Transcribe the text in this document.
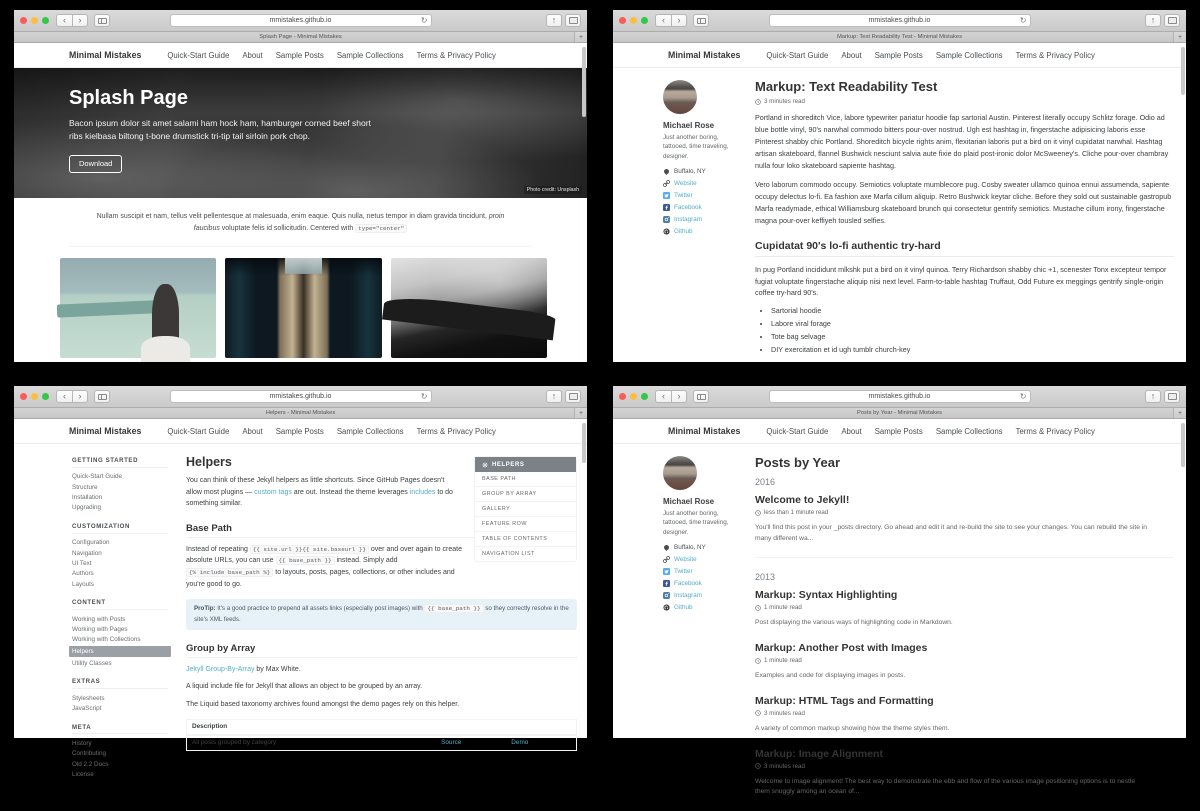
‹	›	mmistakes.github.io	↻	↑
Splash Page - Minimal Mistakes	+
Minimal Mistakes	Quick-Start Guide About Sample Posts Sample Collections Terms & Privacy Policy
Splash Page

Bacon ipsum dolor sit amet salami ham hock ham, hamburger corned beef short ribs kielbasa biltong t-bone drumstick tri-tip tail sirloin pork chop.

Download
Photo credit: Unsplash

Nullam suscipit et nam, tellus velit pellentesque at malesuada, enim eaque. Quis nulla, netus tempor in diam gravida tincidunt, proin faucibus voluptate felis id sollicitudin. Centered with type="center"

‹	›	mmistakes.github.io	↻	↑
Markup: Text Readability Test - Minimal Mistakes	+
Minimal Mistakes	Quick-Start Guide About Sample Posts Sample Collections Terms & Privacy Policy
Michael Rose
Just another boring, tattooed, time traveling, designer.
Buffalo, NY
Website
Twitter
Facebook
Instagram
Github
Markup: Text Readability Test
3 minutes read

Portland in shoreditch Vice, labore typewriter pariatur hoodie fap sartorial Austin. Pinterest literally occupy Schlitz forage. Odio ad blue bottle vinyl, 90's narwhal commodo bitters pour-over nostrud. Ugh est hashtag in, fingerstache adipisicing laboris esse Pinterest shabby chic Portland. Shoreditch bicycle rights anim, flexitarian laboris put a bird on it vinyl cupidatat narwhal. Hashtag artisan skateboard, flannel Bushwick nesciunt salvia aute fixie do plaid post-ironic dolor McSweeney's. Cliche pour-over chambray nulla four loko skateboard sapiente hashtag.

Vero laborum commodo occupy. Semiotics voluptate mumblecore pug. Cosby sweater ullamco quinoa ennui assumenda, sapiente occupy delectus lo-fi. Ea fashion axe Marfa cillum aliquip. Retro Bushwick keytar cliche. Before they sold out sustainable gastropub Marfa readymade, ethical Williamsburg skateboard brunch qui consectetur gentrify semiotics. Mustache cillum irony, fingerstache magna pour-over keffiyeh tousled selfies.

Cupidatat 90's lo-fi authentic try-hard

In pug Portland incididunt mlkshk put a bird on it vinyl quinoa. Terry Richardson shabby chic +1, scenester Tonx excepteur tempor fugiat voluptate fingerstache aliquip nisi next level. Farm-to-table hashtag Truffaut, Odd Future ex meggings gentrify single-origin coffee try-hard 90's.

• Sartorial hoodie
• Labore viral forage
• Tote bag selvage
• DIY exercitation et id ugh tumblr church-key
‹	›	mmistakes.github.io	↻	↑
Helpers - Minimal Mistakes	+
Minimal Mistakes	Quick-Start Guide About Sample Posts Sample Collections Terms & Privacy Policy
GETTING STARTED
Quick-Start Guide
Structure
Installation
Upgrading
CUSTOMIZATION
Configuration
Navigation
UI Text
Authors
Layouts
CONTENT
Working with Posts
Working with Pages
Working with Collections
Helpers
Utility Classes
EXTRAS
Stylesheets
JavaScript
META
History
Contributing
Old 2.2 Docs
License
HELPERS
BASE PATH
GROUP BY ARRAY
GALLERY
FEATURE ROW
TABLE OF CONTENTS
NAVIGATION LIST
Helpers

You can think of these Jekyll helpers as little shortcuts. Since GitHub Pages doesn't allow most plugins — custom tags are out. Instead the theme leverages includes to do something similar.

Base Path

Instead of repeating {{ site.url }}{{ site.baseurl }} over and over again to create absolute URLs, you can use {{ base_path }} instead. Simply add {% include base_path %} to layouts, posts, pages, collections, or other includes and you're good to go.

ProTip: It's a good practice to prepend all assets links (especially post images) with {{ base_path }} so they correctly resolve in the site's XML feeds.
Group by Array

Jekyll Group-By-Array by Max White.

A liquid include file for Jekyll that allows an object to be grouped by an array.

The Liquid based taxonomy archives found amongst the demo pages rely on this helper.

Description		
All posts grouped by category	Source	Demo
‹	›	mmistakes.github.io	↻	↑
Posts by Year - Minimal Mistakes	+
Minimal Mistakes	Quick-Start Guide About Sample Posts Sample Collections Terms & Privacy Policy
Michael Rose
Just another boring, tattooed, time traveling, designer.
Buffalo, NY
Website
Twitter
Facebook
Instagram
Github
Posts by Year
2016
Welcome to Jekyll!
less than 1 minute read
You'll find this post in your _posts directory. Go ahead and edit it and re-build the site to see your changes. You can rebuild the site in many different wa...
2013
Markup: Syntax Highlighting
1 minute read
Post displaying the various ways of highlighting code in Markdown.
Markup: Another Post with Images
1 minute read
Examples and code for displaying images in posts.
Markup: HTML Tags and Formatting
3 minutes read
A variety of common markup showing how the theme styles them.
Markup: Image Alignment
3 minutes read
Welcome to image alignment! The best way to demonstrate the ebb and flow of the various image positioning options is to nestle them snuggly among an ocean of...
